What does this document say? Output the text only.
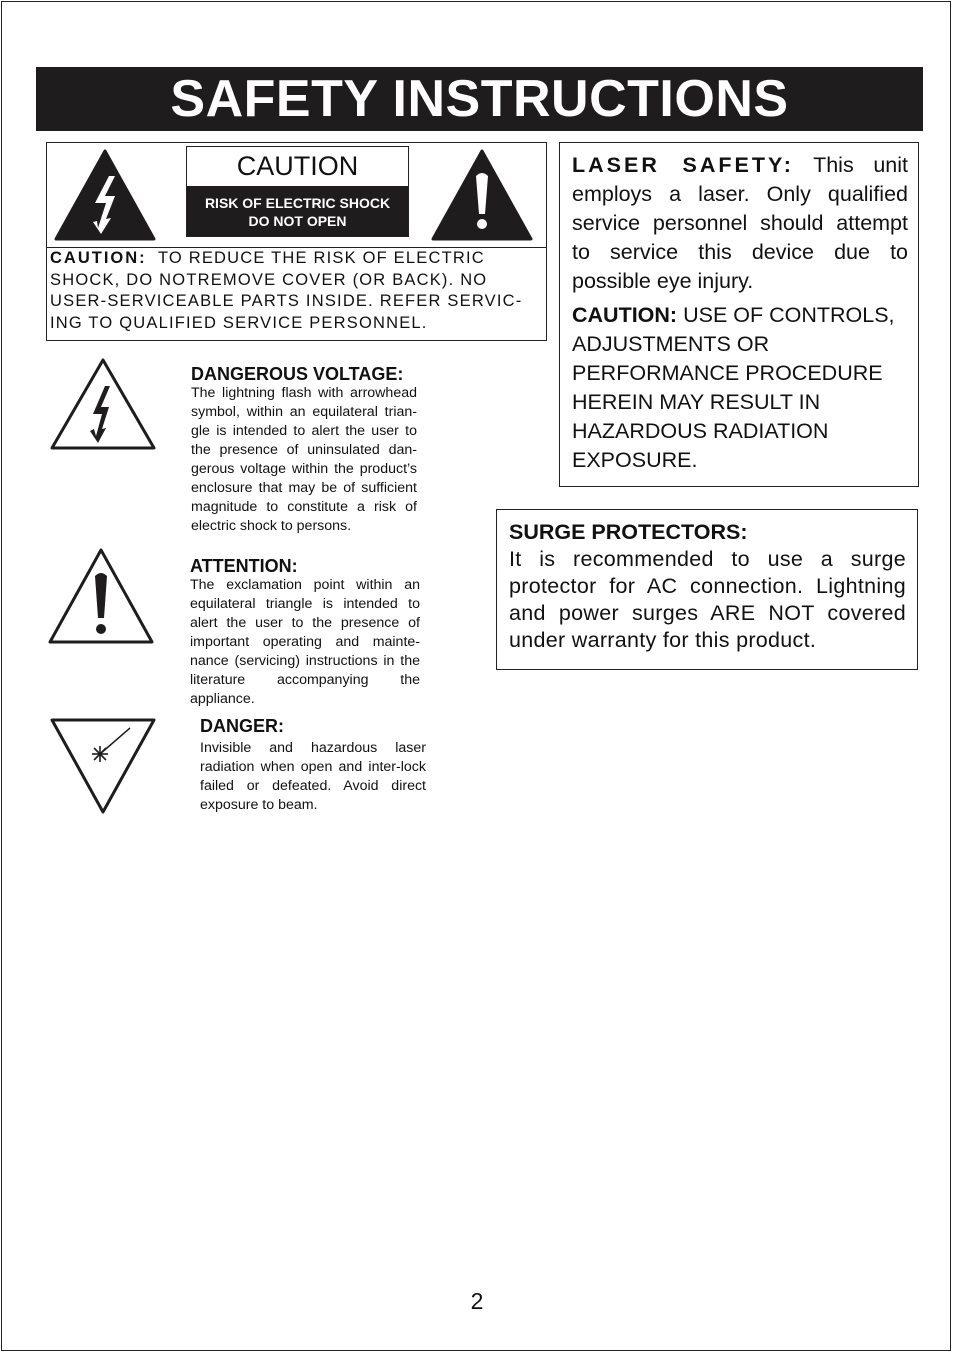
SAFETY INSTRUCTIONS
CAUTION
RISK OF ELECTRIC SHOCK
DO NOT OPEN
CAUTION: TO REDUCE THE RISK OF ELECTRIC SHOCK, DO NOTREMOVE COVER (OR BACK). NO USER-SERVICEABLE PARTS INSIDE. REFER SERVIC-ING TO QUALIFIED SERVICE PERSONNEL.
LASER SAFETY: This unit employs a laser. Only qualified service personnel should attempt to service this device due to possible eye injury.
CAUTION: USE OF CONTROLS, ADJUSTMENTS OR PERFORMANCE PROCEDURE HEREIN MAY RESULT IN HAZARDOUS RADIATION EXPOSURE.
SURGE PROTECTORS:
It is recommended to use a surge protector for AC connection. Lightning and power surges ARE NOT covered under warranty for this product.
DANGEROUS VOLTAGE:
The lightning flash with arrowhead symbol, within an equilateral trian-gle is intended to alert the user to the presence of uninsulated dan-gerous voltage within the product’s enclosure that may be of sufficient magnitude to constitute a risk of electric shock to persons.
ATTENTION:
The exclamation point within an equilateral triangle is intended to alert the user to the presence of important operating and mainte-nance (servicing) instructions in the literature accompanying the appliance.
DANGER:
Invisible and hazardous laser radiation when open and inter-lock failed or defeated. Avoid direct exposure to beam.
2
